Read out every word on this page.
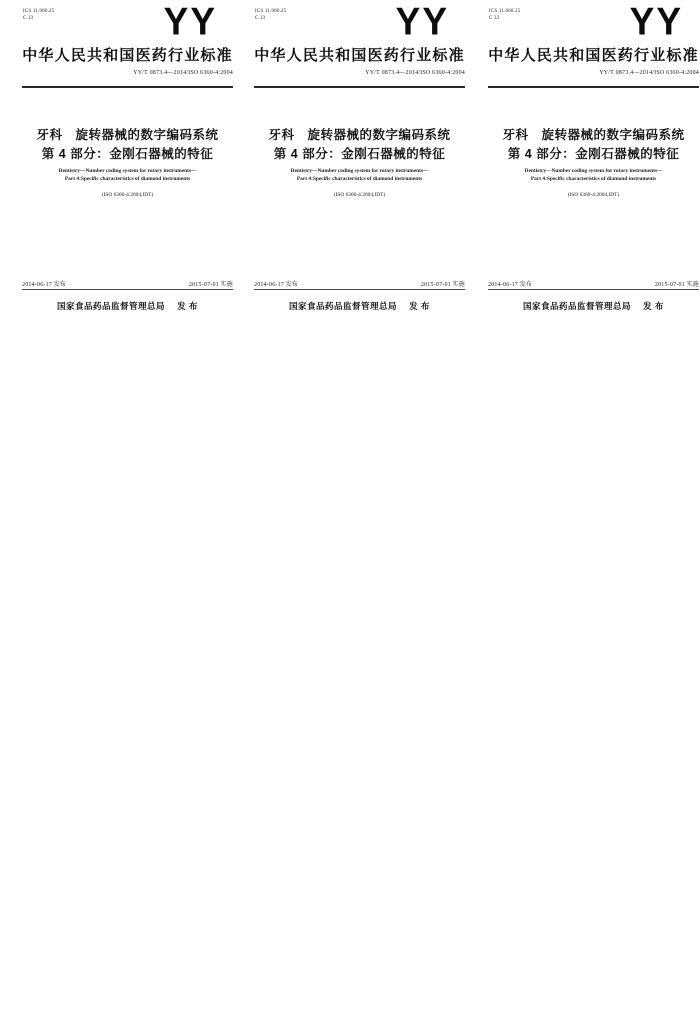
ICS 11.060.25
C 33	YY
中华人民共和国医药行业标准
YY/T 0873.4—2014/ISO 6360-4:2004
牙科　旋转器械的数字编码系统
第 4 部分：金刚石器械的特征
Dentistry—Number coding system for rotary instruments—
Part 4:Specific characteristics of diamond instruments
(ISO 6360-4:2004,IDT)
2014-06-17 发布	2015-07-01 实施
国家食品药品监督管理总局 发 布
ICS 11.060.25
C 33	YY
中华人民共和国医药行业标准
YY/T 0873.4—2014/ISO 6360-4:2004
牙科　旋转器械的数字编码系统
第 4 部分：金刚石器械的特征
Dentistry—Number coding system for rotary instruments—
Part 4:Specific characteristics of diamond instruments
(ISO 6360-4:2004,IDT)
2014-06-17 发布	2015-07-01 实施
国家食品药品监督管理总局 发 布
ICS 11.060.25
C 33	YY
中华人民共和国医药行业标准
YY/T 0873.4—2014/ISO 6360-4:2004
牙科　旋转器械的数字编码系统
第 4 部分：金刚石器械的特征
Dentistry—Number coding system for rotary instruments—
Part 4:Specific characteristics of diamond instruments
(ISO 6360-4:2004,IDT)
2014-06-17 发布	2015-07-01 实施
国家食品药品监督管理总局 发 布
